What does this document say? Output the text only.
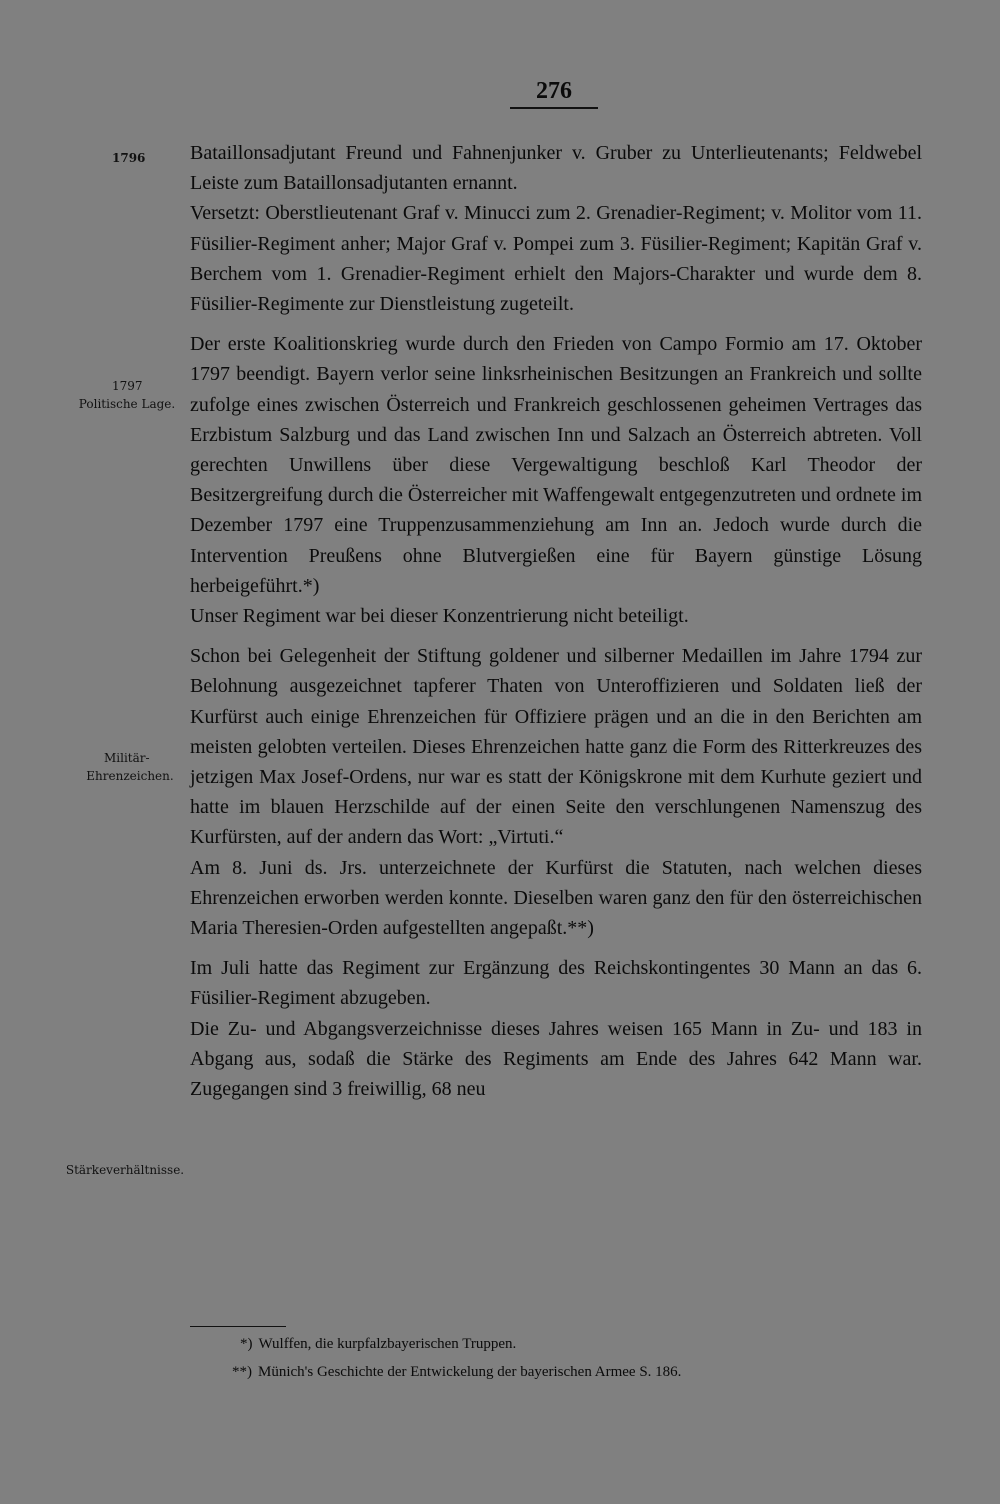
276
1796
1797
Politische Lage.
Militär-
Ehrenzeichen.
Stärkeverhältnisse.

Bataillonsadjutant Freund und Fahnenjunker v. Gruber zu Unterlieutenants; Feldwebel Leiste zum Bataillonsadjutanten ernannt.

Versetzt: Oberstlieutenant Graf v. Minucci zum 2. Grenadier-Regiment; v. Molitor vom 11. Füsilier-Regiment anher; Major Graf v. Pompei zum 3. Füsilier-Regiment; Kapitän Graf v. Berchem vom 1. Grenadier-Regiment erhielt den Majors-Charakter und wurde dem 8. Füsilier-Regimente zur Dienstleistung zugeteilt.

Der erste Koalitionskrieg wurde durch den Frieden von Campo Formio am 17. Oktober 1797 beendigt. Bayern verlor seine linksrheinischen Besitzungen an Frankreich und sollte zufolge eines zwischen Österreich und Frankreich geschlossenen geheimen Vertrages das Erzbistum Salzburg und das Land zwischen Inn und Salzach an Österreich abtreten. Voll gerechten Unwillens über diese Vergewaltigung beschloß Karl Theodor der Besitzergreifung durch die Österreicher mit Waffengewalt entgegenzutreten und ordnete im Dezember 1797 eine Truppenzusammenziehung am Inn an. Jedoch wurde durch die Intervention Preußens ohne Blutvergießen eine für Bayern günstige Lösung herbeigeführt.*)

Unser Regiment war bei dieser Konzentrierung nicht beteiligt.

Schon bei Gelegenheit der Stiftung goldener und silberner Medaillen im Jahre 1794 zur Belohnung ausgezeichnet tapferer Thaten von Unteroffizieren und Soldaten ließ der Kurfürst auch einige Ehrenzeichen für Offiziere prägen und an die in den Berichten am meisten gelobten verteilen. Dieses Ehrenzeichen hatte ganz die Form des Ritterkreuzes des jetzigen Max Josef-Ordens, nur war es statt der Königskrone mit dem Kurhute geziert und hatte im blauen Herzschilde auf der einen Seite den verschlungenen Namenszug des Kurfürsten, auf der andern das Wort: „Virtuti.“

Am 8. Juni ds. Jrs. unterzeichnete der Kurfürst die Statuten, nach welchen dieses Ehrenzeichen erworben werden konnte. Dieselben waren ganz den für den österreichischen Maria Theresien-Orden aufgestellten angepaßt.**)

Im Juli hatte das Regiment zur Ergänzung des Reichskontingentes 30 Mann an das 6. Füsilier-Regiment abzugeben.

Die Zu- und Abgangsverzeichnisse dieses Jahres weisen 165 Mann in Zu- und 183 in Abgang aus, sodaß die Stärke des Regiments am Ende des Jahres 642 Mann war. Zugegangen sind 3 freiwillig, 68 neu

*) Wulffen, die kurpfalzbayerischen Truppen.
**) Münich's Geschichte der Entwickelung der bayerischen Armee S. 186.
